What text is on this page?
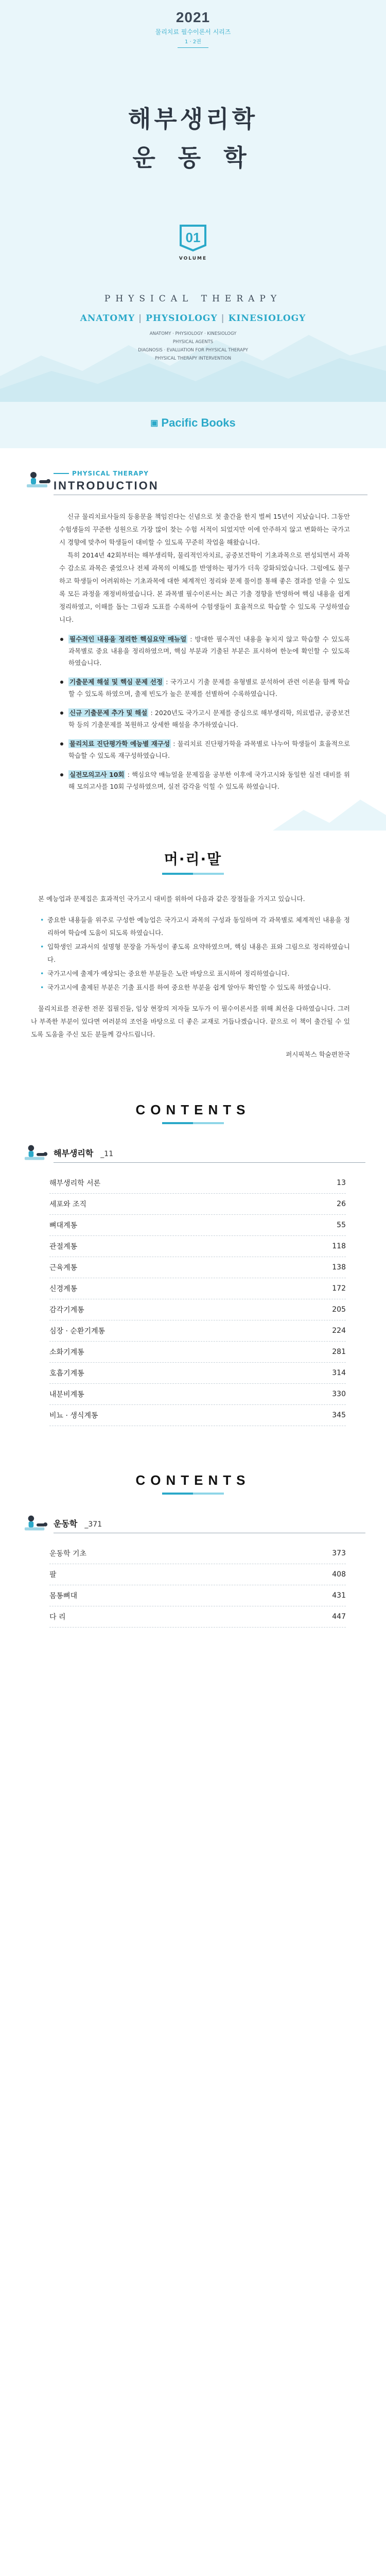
2021
물리치료 필수이론서 시리즈
1 · 2권
해부생리학
운 동 학
01
VOLUME
PHYSICAL THERAPY
ANATOMY | PHYSIOLOGY | KINESIOLOGY
ANATOMY · PHYSIOLOGY · KINESIOLOGY
PHYSICAL AGENTS
DIAGNOSIS · EVALUATION FOR PHYSICAL THERAPY
PHYSICAL THERAPY INTERVENTION
▣ Pacific Books
PHYSICAL THERAPY
INTRODUCTION

신규 물리치료사들의 등용문을 책임진다는 신념으로 첫 출간을 한지 벌써 15년이 지났습니다. 그동안 수험생들의 꾸준한 성원으로 가장 많이 찾는 수험 서적이 되었지만 이에 안주하지 않고 변화하는 국가고시 경향에 맞추어 학생들이 대비할 수 있도록 꾸준히 작업을 해왔습니다.

특히 2014년 42회부터는 해부생리학, 물리적인자치료, 공중보건학이 기초과목으로 편성되면서 과목 수 감소로 과목은 줄었으나 전체 과목의 이해도를 반영하는 평가가 더욱 강화되었습니다. 그럼에도 불구하고 학생들이 어려워하는 기초과목에 대한 체계적인 정리와 문제 풀이를 통해 좋은 결과를 얻을 수 있도록 모든 과정을 재정비하였습니다. 본 과목별 필수이론서는 최근 기출 경향을 반영하여 핵심 내용을 쉽게 정리하였고, 이해를 돕는 그림과 도표를 수록하여 수험생들이 효율적으로 학습할 수 있도록 구성하였습니다.

필수적인 내용을 정리한 핵심요약 매뉴얼 : 방대한 필수적인 내용을 놓치지 않고 학습할 수 있도록 과목별로 중요 내용을 정리하였으며, 핵심 부분과 기출된 부분은 표시하여 한눈에 확인할 수 있도록 하였습니다.
기출문제 해설 및 핵심 문제 선정 : 국가고시 기출 문제를 유형별로 분석하여 관련 이론을 함께 학습할 수 있도록 하였으며, 출제 빈도가 높은 문제를 선별하여 수록하였습니다.
신규 기출문제 추가 및 해설 : 2020년도 국가고시 문제를 중심으로 해부생리학, 의료법규, 공중보건학 등의 기출문제를 복원하고 상세한 해설을 추가하였습니다.
물리치료 진단평가학 예능별 재구성 : 물리치료 진단평가학을 과목별로 나누어 학생들이 효율적으로 학습할 수 있도록 재구성하였습니다.
실전모의고사 10회 : 핵심요약 매뉴얼을 문제집을 공부한 이후에 국가고시와 동일한 실전 대비를 위해 모의고사를 10회 구성하였으며, 실전 감각을 익힐 수 있도록 하였습니다.
머·리·말

본 예능업과 문제집은 효과적인 국가고시 대비를 위하여 다음과 같은 장점들을 가지고 있습니다.

• 중요한 내용들을 위주로 구성한 예능업은 국가고시 과목의 구성과 동일하며 각 과목별로 체계적인 내용을 정리하여 학습에 도움이 되도록 하였습니다.
• 입학생인 교과서의 설명형 문장을 가독성이 좋도록 요약하였으며, 핵심 내용은 표와 그림으로 정리하였습니다.
• 국가고시에 출제가 예상되는 중요한 부분들은 노란 바탕으로 표시하여 정리하였습니다.
• 국가고시에 출제된 부분은 기출 표시를 하여 중요한 부분을 쉽게 알아두 확인할 수 있도록 하였습니다.

물리치료를 전공한 전문 집필진들, 임상 현장의 저자들 모두가 이 필수이론서를 위해 최선을 다하였습니다. 그러나 부족한 부분이 있다면 여러분의 조언을 바탕으로 더 좋은 교재로 거듭나겠습니다. 끝으로 이 책이 출간될 수 있도록 도움을 주신 모든 분들께 감사드립니다.

퍼시픽북스 학술편찬국

CONTENTS
해부생리학 _11
해부생리학 서론	13
세포와 조직	26
뼈대계통	55
관절계통	118
근육계통	138
신경계통	172
감각기계통	205
심장 · 순환기계통	224
소화기계통	281
호흡기계통	314
내분비계통	330
비뇨 · 생식계통	345
CONTENTS
운동학 _371
운동학 기초	373
팔	408
몸통뼈대	431
다 리	447
